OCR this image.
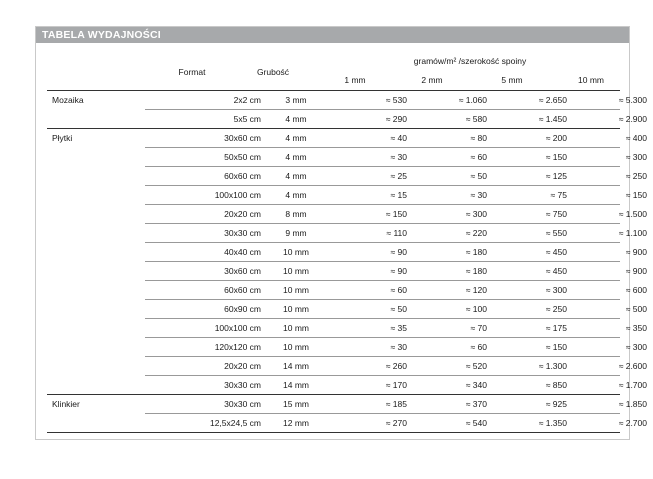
TABELA WYDAJNOŚCI
Format	Grubość
gramów/m² /szerokość spoiny
1 mm	2 mm	5 mm	10 mm
Mozaika	2x2 cm	3 mm	≈ 530	≈ 1.060	≈ 2.650	≈ 5.300
5x5 cm	4 mm	≈ 290	≈ 580	≈ 1.450	≈ 2.900
Płytki	30x60 cm	4 mm	≈ 40	≈ 80	≈ 200	≈ 400
50x50 cm	4 mm	≈ 30	≈ 60	≈ 150	≈ 300
60x60 cm	4 mm	≈ 25	≈ 50	≈ 125	≈ 250
100x100 cm	4 mm	≈ 15	≈ 30	≈ 75	≈ 150
20x20 cm	8 mm	≈ 150	≈ 300	≈ 750	≈ 1.500
30x30 cm	9 mm	≈ 110	≈ 220	≈ 550	≈ 1.100
40x40 cm	10 mm	≈ 90	≈ 180	≈ 450	≈ 900
30x60 cm	10 mm	≈ 90	≈ 180	≈ 450	≈ 900
60x60 cm	10 mm	≈ 60	≈ 120	≈ 300	≈ 600
60x90 cm	10 mm	≈ 50	≈ 100	≈ 250	≈ 500
100x100 cm	10 mm	≈ 35	≈ 70	≈ 175	≈ 350
120x120 cm	10 mm	≈ 30	≈ 60	≈ 150	≈ 300
20x20 cm	14 mm	≈ 260	≈ 520	≈ 1.300	≈ 2.600
30x30 cm	14 mm	≈ 170	≈ 340	≈ 850	≈ 1.700
Klinkier	30x30 cm	15 mm	≈ 185	≈ 370	≈ 925	≈ 1.850
12,5x24,5 cm	12 mm	≈ 270	≈ 540	≈ 1.350	≈ 2.700
